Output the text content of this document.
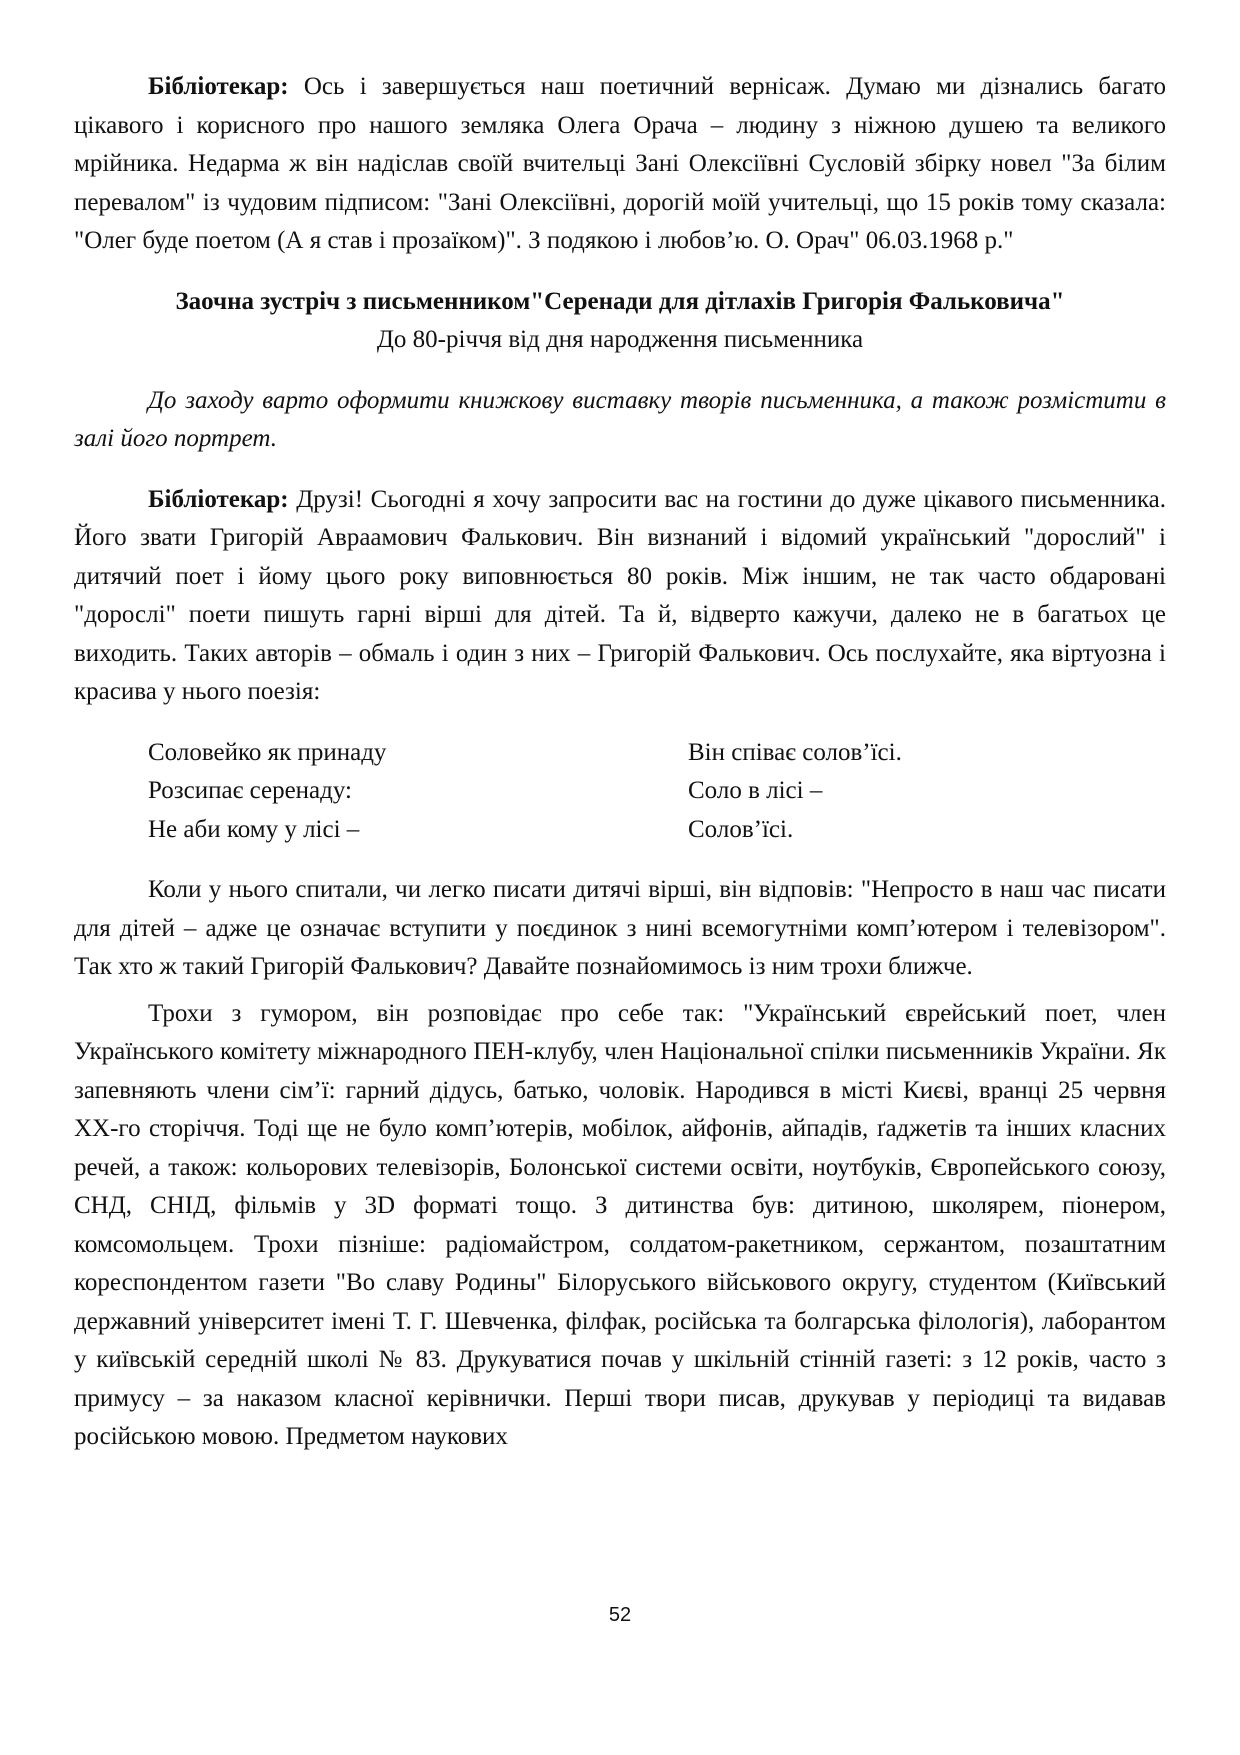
Бібліотекар: Ось і завершується наш поетичний вернісаж. Думаю ми дізнались багато цікавого і корисного про нашого земляка Олега Орача – людину з ніжною душею та великого мрійника. Недарма ж він надіслав своїй вчительці Зані Олексіївні Сусловій збірку новел "За білим перевалом" із чудовим підписом: "Зані Олексіївні, дорогій моїй учительці, що 15 років тому сказала: "Олег буде поетом (А я став і прозаїком)". З подякою і любов’ю. О. Орач" 06.03.1968 р."

Заочна зустріч з письменником"Серенади для дітлахів Григорія Фальковича"
До 80-річчя від дня народження письменника

До заходу варто оформити книжкову виставку творів письменника, а також розмістити в залі його портрет.

Бібліотекар: Друзі! Сьогодні я хочу запросити вас на гостини до дуже цікавого письменника. Його звати Григорій Авраамович Фалькович. Він визнаний і відомий український "дорослий" і дитячий поет і йому цього року виповнюється 80 років. Між іншим, не так часто обдаровані "дорослі" поети пишуть гарні вірші для дітей. Та й, відверто кажучи, далеко не в багатьох це виходить. Таких авторів – обмаль і один з них – Григорій Фалькович. Ось послухайте, яка віртуозна і красива у нього поезія:

Соловейко як принаду
Розсипає серенаду:
Не аби кому у лісі –
Він співає солов’їсі.
Соло в лісі –
Солов’їсі.

Коли у нього спитали, чи легко писати дитячі вірші, він відповів: "Непросто в наш час писати для дітей – адже це означає вступити у поєдинок з нині всемогутніми комп’ютером і телевізором". Так хто ж такий Григорій Фалькович? Давайте познайомимось із ним трохи ближче.

Трохи з гумором, він розповідає про себе так: "Український єврейський поет, член Українського комітету міжнародного ПЕН-клубу, член Національної спілки письменників України. Як запевняють члени сім’ї: гарний дідусь, батько, чоловік. Народився в місті Києві, вранці 25 червня ХХ-го сторіччя. Тоді ще не було комп’ютерів, мобілок, айфонів, айпадів, ґаджетів та інших класних речей, а також: кольорових телевізорів, Болонської системи освіти, ноутбуків, Європейського союзу, СНД, СНІД, фільмів у 3D форматі тощо. З дитинства був: дитиною, школярем, піонером, комсомольцем. Трохи пізніше: радіомайстром, солдатом-ракетником, сержантом, позаштатним кореспондентом газети "Во славу Родины" Білоруського військового округу, студентом (Київський державний університет імені Т. Г. Шевченка, філфак, російська та болгарська філологія), лаборантом у київській середній школі № 83. Друкуватися почав у шкільній стінній газеті: з 12 років, часто з примусу – за наказом класної керівнички. Перші твори писав, друкував у періодиці та видавав російською мовою. Предметом наукових

52
